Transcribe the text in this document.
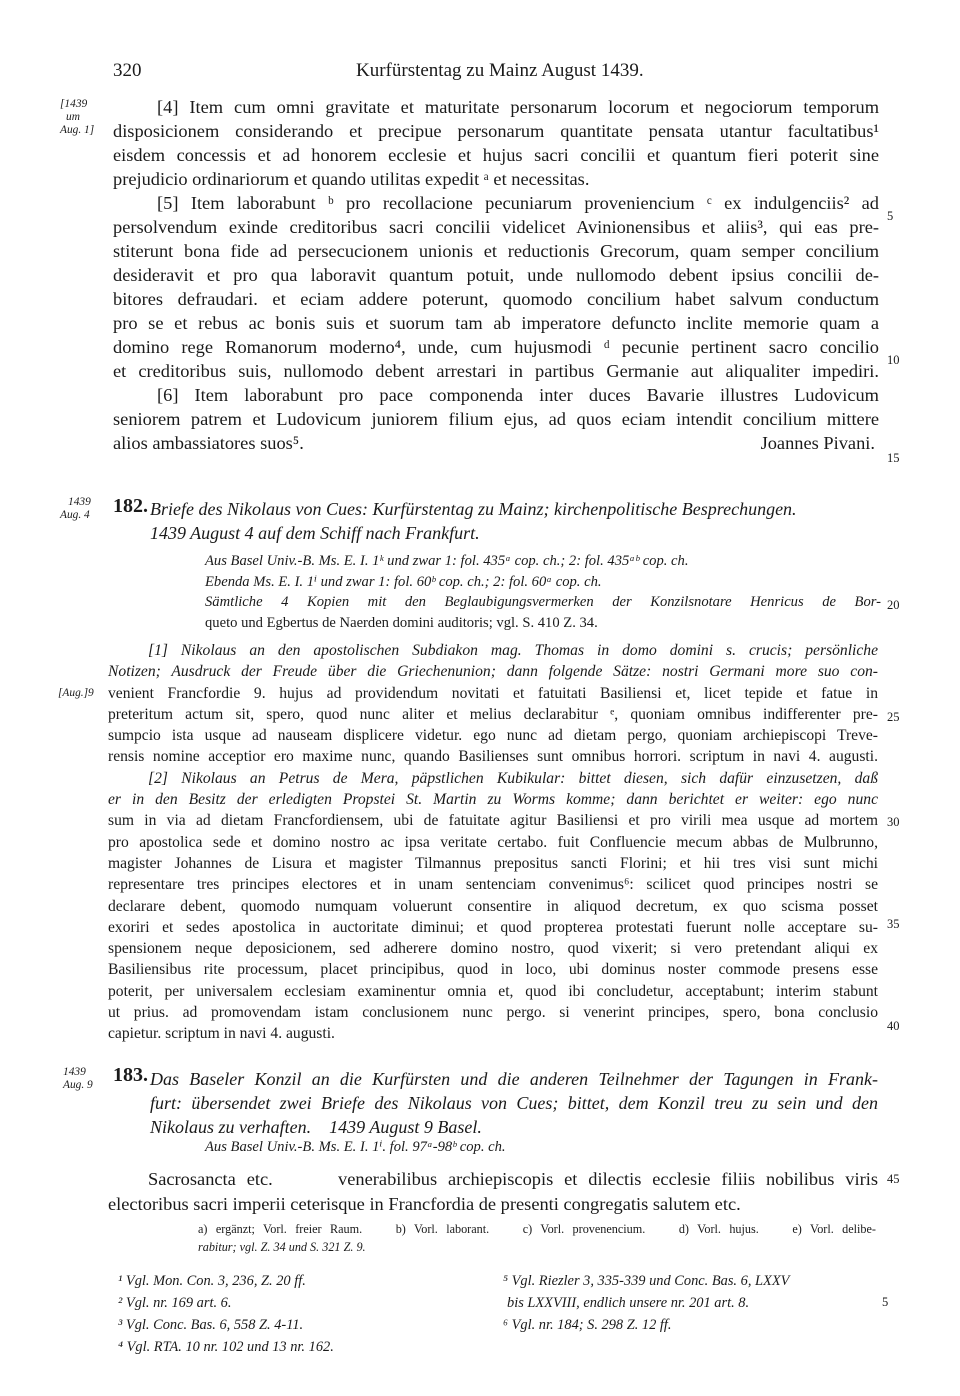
320	Kurfürstentag zu Mainz August 1439.
[1439
um
Aug. 1]
1439
Aug. 4
[Aug.]9
1439
Aug. 9
5
10
15
20
25
30
35
40
45
5
[4] Item cum omni gravitate et maturitate personarum locorum et negociorum temporum
disposicionem considerando et precipue personarum quantitate pensata utantur facultatibus¹
eisdem concessis et ad honorem ecclesie et hujus sacri concilii et quantum fieri poterit sine
prejudicio ordinariorum et quando utilitas expedit ᵃ et necessitas.
[5] Item laborabunt ᵇ pro recollacione pecuniarum proveniencium ᶜ ex indulgenciis² ad
persolvendum exinde creditoribus sacri concilii videlicet Avinionensibus et aliis³, qui eas pre-
stiterunt bona fide ad persecucionem unionis et reductionis Grecorum, quam semper concilium
desideravit et pro qua laboravit quantum potuit, unde nullomodo debent ipsius concilii de-
bitores defraudari. et eciam addere poterunt, quomodo concilium habet salvum conductum
pro se et rebus ac bonis suis et suorum tam ab imperatore defuncto inclite memorie quam a
domino rege Romanorum moderno⁴, unde, cum hujusmodi ᵈ pecunie pertinent sacro concilio
et creditoribus suis, nullomodo debent arrestari in partibus Germanie aut aliqualiter impediri.
[6] Item laborabunt pro pace componenda inter duces Bavarie illustres Ludovicum
seniorem patrem et Ludovicum juniorem filium ejus, ad quos eciam intendit concilium mittere
alios ambassiatores suos⁵.	Joannes Pivani.
182. Briefe des Nikolaus von Cues: Kurfürstentag zu Mainz; kirchenpolitische Besprechungen.
1439 August 4 auf dem Schiff nach Frankfurt.
Aus Basel Univ.-B. Ms. E. I. 1ᵏ und zwar 1: fol. 435ᵃ cop. ch.; 2: fol. 435ᵃᵇ cop. ch.
Ebenda Ms. E. I. 1ⁱ und zwar 1: fol. 60ᵇ cop. ch.; 2: fol. 60ᵃ cop. ch.
Sämtliche 4 Kopien mit den Beglaubigungsvermerken der Konzilsnotare Henricus de Bor-
queto und Egbertus de Naerden domini auditoris; vgl. S. 410 Z. 34.
[1] Nikolaus an den apostolischen Subdiakon mag. Thomas in domo domini s. crucis; persönliche
Notizen; Ausdruck der Freude über die Griechenunion; dann folgende Sätze: nostri Germani more suo con-
venient Francfordie 9. hujus ad providendum novitati et fatuitati Basiliensi et, licet tepide et fatue in
preteritum actum sit, spero, quod nunc aliter et melius declarabitur ᵉ, quoniam omnibus indifferenter pre-
sumpcio ista usque ad nauseam displicere videtur. ego nunc ad dietam pergo, quoniam archiepiscopi Treve-
rensis nomine acceptior ero maxime nunc, quando Basilienses sunt omnibus horrori. scriptum in navi 4. augusti.
[2] Nikolaus an Petrus de Mera, päpstlichen Kubikular: bittet diesen, sich dafür einzusetzen, daß
er in den Besitz der erledigten Propstei St. Martin zu Worms komme; dann berichtet er weiter: ego nunc
sum in via ad dietam Francfordiensem, ubi de fatuitate agitur Basiliensi et pro virili mea usque ad mortem
pro apostolica sede et domino nostro ac ipsa veritate certabo. fuit Confluencie mecum abbas de Mulbrunno,
magister Johannes de Lisura et magister Tilmannus prepositus sancti Florini; et hii tres visi sunt michi
representare tres principes electores et in unam sentenciam convenimus⁶: scilicet quod principes nostri se
declarare debent, quomodo numquam voluerunt consentire in aliquod decretum, ex quo scisma posset
exoriri et sedes apostolica in auctoritate diminui; et quod propterea protestati fuerunt nolle acceptare su-
spensionem neque deposicionem, sed adherere domino nostro, quod vixerit; si vero pretendant aliqui ex
Basiliensibus rite processum, placet principibus, quod in loco, ubi dominus noster commode presens esse
poterit, per universalem ecclesiam examinentur omnia et, quod ibi concludetur, acceptabunt; interim stabunt
ut prius. ad promovendam istam conclusionem nunc pergo. si venerint principes, spero, bona conclusio
capietur. scriptum in navi 4. augusti.
183. Das Baseler Konzil an die Kurfürsten und die anderen Teilnehmer der Tagungen in Frank-
furt: übersendet zwei Briefe des Nikolaus von Cues; bittet, dem Konzil treu zu sein und den
Nikolaus zu verhaften.    1439 August 9 Basel.
Aus Basel Univ.-B. Ms. E. I. 1ⁱ. fol. 97ᵃ-98ᵇ cop. ch.
Sacrosancta etc.      venerabilibus archiepiscopis et dilectis ecclesie filiis nobilibus viris
electoribus sacri imperii ceterisque in Francfordia de presenti congregatis salutem etc.
a) ergänzt; Vorl. freier Raum.    b) Vorl. laborant.    c) Vorl. provenencium.    d) Vorl. hujus.    e) Vorl. delibe-
rabitur; vgl. Z. 34 und S. 321 Z. 9.
¹ Vgl. Mon. Con. 3, 236, Z. 20 ff.
² Vgl. nr. 169 art. 6.
³ Vgl. Conc. Bas. 6, 558 Z. 4-11.
⁴ Vgl. RTA. 10 nr. 102 und 13 nr. 162.
⁵ Vgl. Riezler 3, 335-339 und Conc. Bas. 6, LXXV
bis LXXVIII, endlich unsere nr. 201 art. 8.
⁶ Vgl. nr. 184; S. 298 Z. 12 ff.
